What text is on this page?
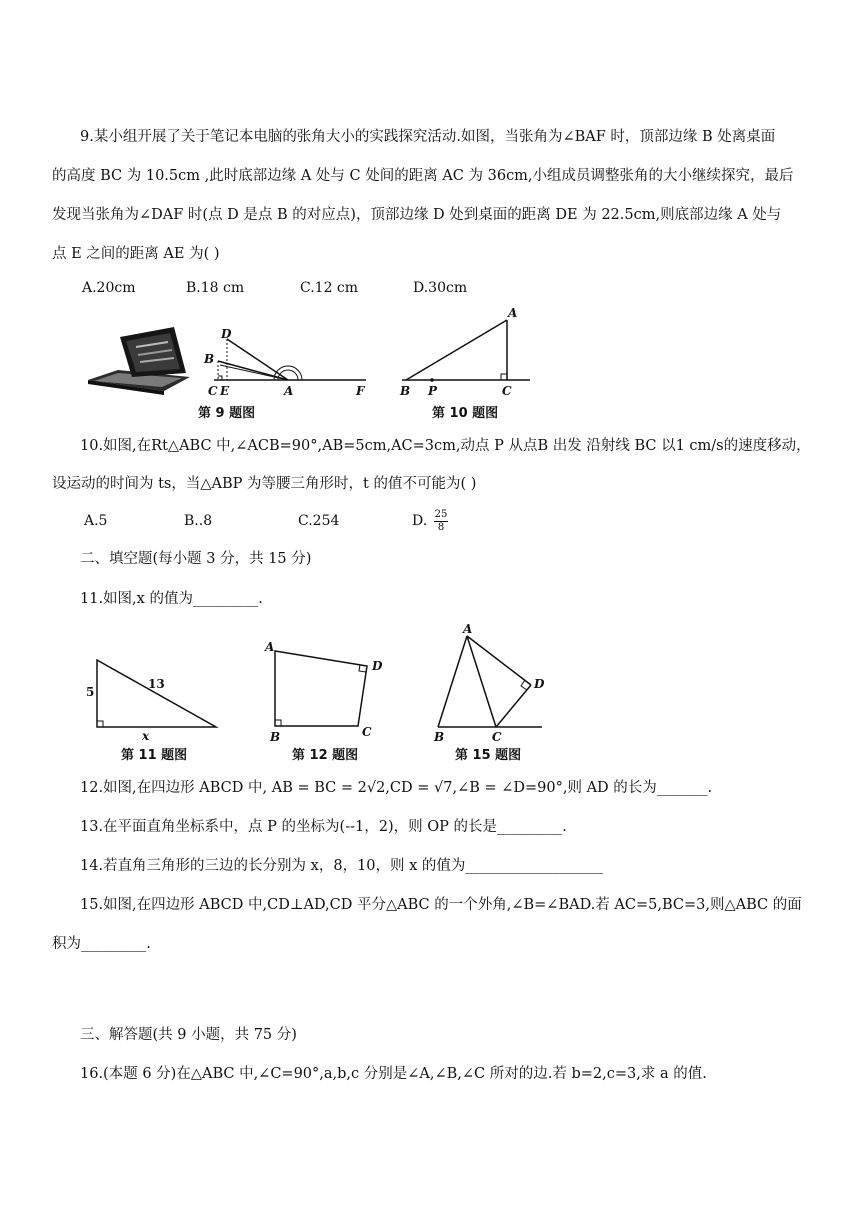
9.某小组开展了关于笔记本电脑的张角大小的实践探究活动.如图，当张角为∠BAF 时，顶部边缘 B 处离桌面
的高度 BC 为 10.5cm ,此时底部边缘 A 处与 C 处间的距离 AC 为 36cm,小组成员调整张角的大小继续探究，最后
发现当张角为∠DAF 时(点 D 是点 B 的对应点)，顶部边缘 D 处到桌面的距离 DE 为 22.5cm,则底部边缘 A 处与
点 E 之间的距离 AE 为( )
A.20cm	B.18 cm	C.12 cm	D.30cm
D
B
C E	A	F
第 9 题图
A
B P	C
第 10 题图
10.如图,在Rt△ABC 中,∠ACB=90°,AB=5cm,AC=3cm,动点 P 从点B 出发 沿射线 BC 以1 cm/s的速度移动，
设运动的时间为 ts，当△ABP 为等腰三角形时，t 的值不可能为( )
A.5	B..8	C.254	D. $\frac{25}{8}$
二、填空题(每小题 3 分，共 15 分)
11.如图,x 的值为_________.
5
13
x
第 11 题图
A
D
B	C
第 12 题图
A
D
B	C
第 15 题图
12.如图,在四边形 ABCD 中, AB = BC = 2√2,CD = √7,∠B = ∠D=90°,则 AD 的长为_______.
13.在平面直角坐标系中，点 P 的坐标为(--1，2)，则 OP 的长是_________.
14.若直角三角形的三边的长分别为 x，8，10，则 x 的值为___________________
15.如图,在四边形 ABCD 中,CD⊥AD,CD 平分△ABC 的一个外角,∠B=∠BAD.若 AC=5,BC=3,则△ABC 的面
积为_________.
三、解答题(共 9 小题，共 75 分)
16.(本题 6 分)在△ABC 中,∠C=90°,a,b,c 分别是∠A,∠B,∠C 所对的边.若 b=2,c=3,求 a 的值.
